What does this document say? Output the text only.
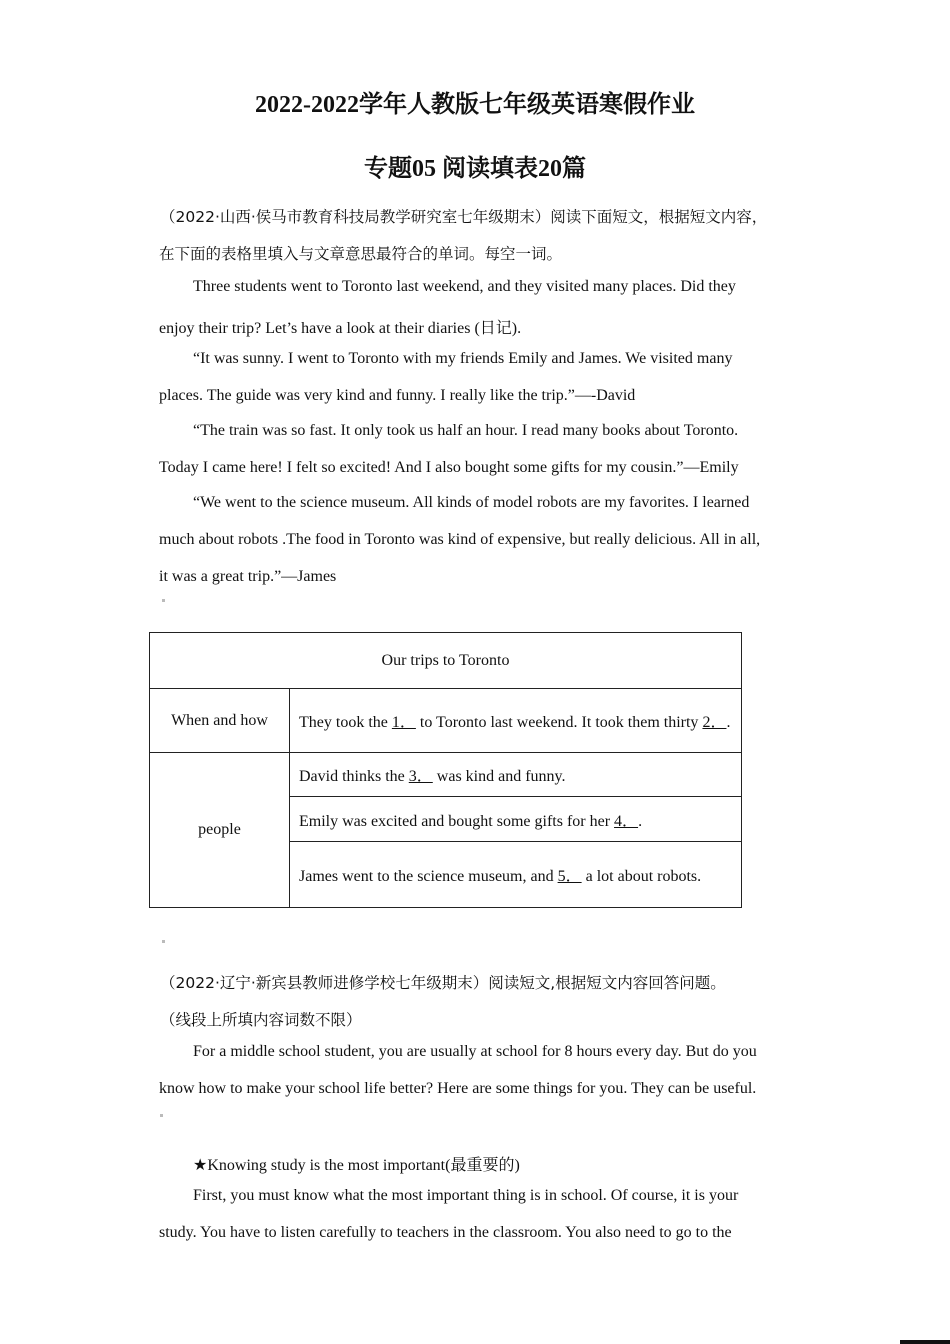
2022-2022学年人教版七年级英语寒假作业
专题05 阅读填表20篇
（2022·山西·侯马市教育科技局教学研究室七年级期末）阅读下面短文，根据短文内容，
在下面的表格里填入与文章意思最符合的单词。每空一词。
Three students went to Toronto last weekend, and they visited many places. Did they
enjoy their trip? Let’s have a look at their diaries (日记).
“It was sunny. I went to Toronto with my friends Emily and James. We visited many
places. The guide was very kind and funny. I really like the trip.”—-David
“The train was so fast. It only took us half an hour. I read many books about Toronto.
Today I came here! I felt so excited! And I also bought some gifts for my cousin.”—Emily
“We went to the science museum. All kinds of model robots are my favorites. I learned
much about robots .The food in Toronto was kind of expensive, but really delicious. All in all,
it was a great trip.”—James
Our trips to Toronto	
When and how	They took the 1． to Toronto last weekend. It took them thirty 2．.
people	David thinks the 3． was kind and funny.
	Emily was excited and bought some gifts for her 4．.
	James went to the science museum, and 5． a lot about robots.
（2022·辽宁·新宾县教师进修学校七年级期末）阅读短文,根据短文内容回答问题。
（线段上所填内容词数不限）
For a middle school student, you are usually at school for 8 hours every day. But do you
know how to make your school life better? Here are some things for you. They can be useful.
★Knowing study is the most important(最重要的)
First, you must know what the most important thing is in school. Of course, it is your
study. You have to listen carefully to teachers in the classroom. You also need to go to the
